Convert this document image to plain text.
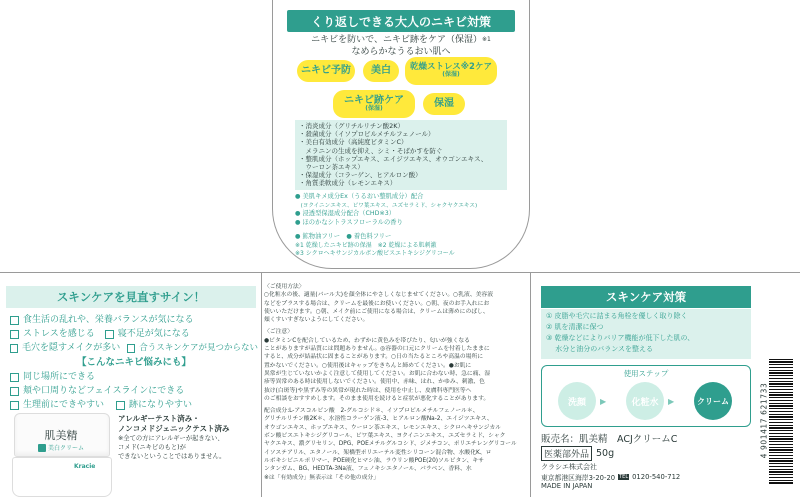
くり返しできる大人のニキビ対策
ニキビを防いで、ニキビ跡をケア（保湿）$^{※1}$
なめらかなうるおい肌へ
ニキビ予防 美白 乾燥ストレス※2ケア
(保湿)
ニキビ跡ケア
(保湿)	保湿
・消炎成分（グリチルリチン酸2K）
・殺菌成分（イソプロピルメチルフェノール）
・美白有効成分（高純度ビタミンC）
　メラニンの生成を抑え、シミ・そばかすを防ぐ
・整肌成分（ホップエキス、エイジツエキス、オウゴンエキス、
　ウーロン茶エキス）
・保湿成分（コラーゲン、ヒアルロン酸）
・角質柔軟成分（レモンエキス）
● 美肌キメ成分Ex（うるおい整肌成分）配合
　(ヨクイニンエキス、ビワ葉エキス、ユズセラミド、シャクヤクエキス)
● 浸透型保湿成分配合（CHD※3）
● ほのかなシトラスフローラルの香り
● 鉱物油フリー　● 着色料フリー
※1 乾燥したニキビ跡の保湿　※2 乾燥による肌刺激
※3 シクロヘキサンジカルボン酸ビスエトキシジグリコール
スキンケアを見直すサイン！
食生活の乱れや、栄養バランスが気になる
ストレスを感じる	寝不足が気になる
毛穴を隠すメイクが多い 合うスキンケアが見つからない
【こんなニキビ悩みにも】
同じ場所にできる
頬や口周りなどフェイスラインにできる
生理前にできやすい	跡になりやすい
肌美精
美白クリーム
Kracie
アレルギーテスト済み・
ノンコメドジェニックテスト済み
※全ての方にアレルギーが起きない、
コメド(ニキビのもと)が
できないということではありません。
〈ご使用方法〉
○化粧水の後、適量(パール大)を顔全体にやさしくなじませてください。○乳液、美容液
などをプラスする場合は、クリームを最後にお使いください。○朝、夜のお手入れにお
使いいただけます。○朝、メイク前にご使用になる場合は、クリームは薄めにのばし、
頬くすいすぎないようにしてください。
〈ご注意〉
●ビタミンCを配合しているため、わずかに黄色みを帯びたり、匂いが強くなる
ことがありますが品質には問題ありません。◎容器の口元にクリームを付着したままに
すると、成分が結晶状に固まることがあります。○日の当たるところや高温の場所に
置かないでください。○使用後はキャップをきちんと締めてください。●お肌に
異常が生じていないかよく注意して使用してください。お肌に合わない時、急に痛、湿
疹等異常のある時は使用しないでください。使用中、赤味、はれ、かゆみ、刺激、色
抜け(白斑等)や黒ずみ等の異常が現れた時は、使用を中止し、皮膚科専門医等へ
のご相談をおすすめします。そのまま使用を続けると症状が悪化することがあります。
配合成分:L-アスコルビン酸　2-グルコシド＊、イソプロピルメチルフェノール＊、
グリチルリチン酸2K＊、水溶性コラーゲン液-3、ヒアルロン酸Na-2、エイジツエキス、
オウゴンエキス、ホップエキス、ウーロン茶エキス、レモンエキス、シクロヘキサンジカル
ボン酸ビスエトキシジグリコール、ビワ葉エキス、ヨクイニンエキス、ユズセラミド、シャク
ヤクエキス、濃グリセリン、DPG、POEメチルグルコシド、ジメチコン、ポリエチレングリコール
イソステアリル、エタノール、架橋型ポリエーテル変性シリコーン混合物、水酸化K、ロ
ルボキシビニルポリマー、POE硬化ヒマシ油、ラウリン酸POE(20)ソルビタン、キサ
ンタンガム、BG、HEDTA-3Na液、フェノキシエタノール、パラベン、香料、水
※は「有効成分」無表示は「その他の成分」
スキンケア対策
① 皮脂や毛穴に詰まる角栓を優しく取り除く
② 肌を清潔に保つ
③ 乾燥などによりバリア機能が低下した肌の、
　 水分と油分のバランスを整える
使用ステップ
洗顔 ▶	化粧水 ▶	クリーム
販売名：肌美精　ACJクリームC
医薬部外品 50g
クラシエ株式会社
東京都港区海岸3-20-20 TEL 0120-540-712
MADE IN JAPAN
4 901417 621733
